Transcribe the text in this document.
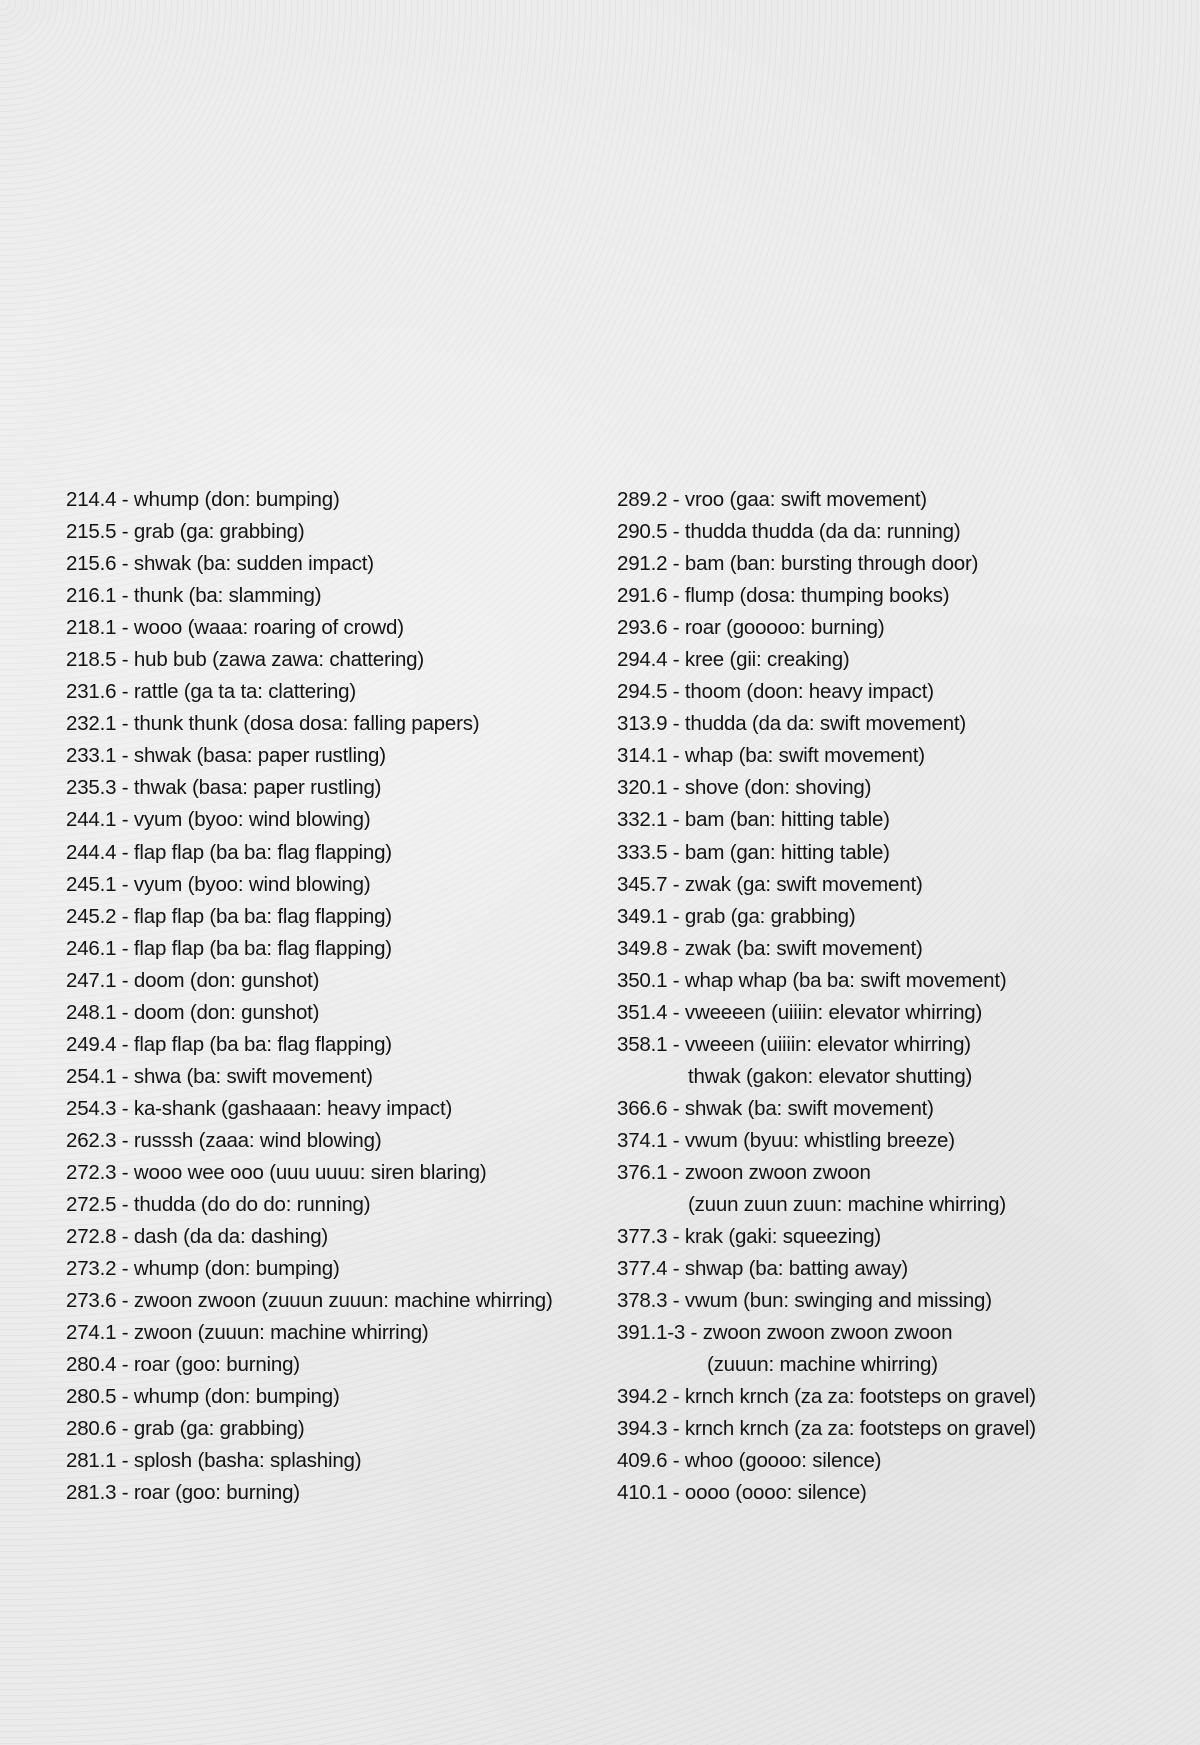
214.4 - whump (don: bumping)
215.5 - grab (ga: grabbing)
215.6 - shwak (ba: sudden impact)
216.1 - thunk (ba: slamming)
218.1 - wooo (waaa: roaring of crowd)
218.5 - hub bub (zawa zawa: chattering)
231.6 - rattle (ga ta ta: clattering)
232.1 - thunk thunk (dosa dosa: falling papers)
233.1 - shwak (basa: paper rustling)
235.3 - thwak (basa: paper rustling)
244.1 - vyum (byoo: wind blowing)
244.4 - flap flap (ba ba: flag flapping)
245.1 - vyum (byoo: wind blowing)
245.2 - flap flap (ba ba: flag flapping)
246.1 - flap flap (ba ba: flag flapping)
247.1 - doom (don: gunshot)
248.1 - doom (don: gunshot)
249.4 - flap flap (ba ba: flag flapping)
254.1 - shwa (ba: swift movement)
254.3 - ka-shank (gashaaan: heavy impact)
262.3 - russsh (zaaa: wind blowing)
272.3 - wooo wee ooo (uuu uuuu: siren blaring)
272.5 - thudda (do do do: running)
272.8 - dash (da da: dashing)
273.2 - whump (don: bumping)
273.6 - zwoon zwoon (zuuun zuuun: machine whirring)
274.1 - zwoon (zuuun: machine whirring)
280.4 - roar (goo: burning)
280.5 - whump (don: bumping)
280.6 - grab (ga: grabbing)
281.1 - splosh (basha: splashing)
281.3 - roar (goo: burning)
289.2 - vroo (gaa: swift movement)
290.5 - thudda thudda (da da: running)
291.2 - bam (ban: bursting through door)
291.6 - flump (dosa: thumping books)
293.6 - roar (gooooo: burning)
294.4 - kree (gii: creaking)
294.5 - thoom (doon: heavy impact)
313.9 - thudda (da da: swift movement)
314.1 - whap (ba: swift movement)
320.1 - shove (don: shoving)
332.1 - bam (ban: hitting table)
333.5 - bam (gan: hitting table)
345.7 - zwak (ga: swift movement)
349.1 - grab (ga: grabbing)
349.8 - zwak (ba: swift movement)
350.1 - whap whap (ba ba: swift movement)
351.4 - vweeeen (uiiiin: elevator whirring)
358.1 - vweeen (uiiiin: elevator whirring)
thwak (gakon: elevator shutting)
366.6 - shwak (ba: swift movement)
374.1 - vwum (byuu: whistling breeze)
376.1 - zwoon zwoon zwoon
(zuun zuun zuun: machine whirring)
377.3 - krak (gaki: squeezing)
377.4 - shwap (ba: batting away)
378.3 - vwum (bun: swinging and missing)
391.1-3 - zwoon zwoon zwoon zwoon
(zuuun: machine whirring)
394.2 - krnch krnch (za za: footsteps on gravel)
394.3 - krnch krnch (za za: footsteps on gravel)
409.6 - whoo (goooo: silence)
410.1 - oooo (oooo: silence)
